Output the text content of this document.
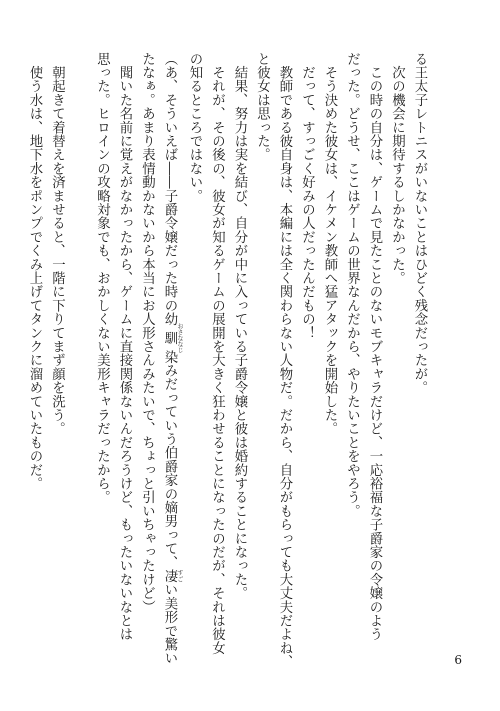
る王太子レトニスがいないことはひどく残念だったが。
　次の機会に期待するしかなかった。
　この時の自分は、ゲームで見たことのないモブキャラだけど、一応裕福な子爵家の令嬢のよう
だった。どうせ、ここはゲームの世界なんだから、やりたいことをやろう。
　そう決めた彼女は、イケメン教師へ猛アタックを開始した。
　だって、すっごく好みの人だったんだもの！
　教師である彼自身は、本編には全く関わらない人物だ。だから、自分がもらっても大丈夫だよね、
と彼女は思った。
　結果、努力は実を結び、自分が中に入っている子爵令嬢と彼は婚約することになった。
　それが、その後の、彼女が知るゲームの展開を大きく狂わせることになったのだが、それは彼女
の知るところではない。
（あ、そういえば――子爵令嬢だった時の幼馴 おさななじ染みだっていう伯爵家の嫡男って、凄 すごい美形で驚い
たなぁ。あまり表情動かないから本当にお人形さんみたいで、ちょっと引いちゃったけど）
　聞いた名前に覚えがなかったから、ゲームに直接関係ないんだろうけど、もったいないなとは
思った。ヒロインの攻略対象でも、おかしくない美形キャラだったから。
　朝起きて着替えを済ませると、一階に下りてまず顔を洗う。
　使う水は、地下水をポンプでくみ上げてタンクに溜めていたものだ。
6
